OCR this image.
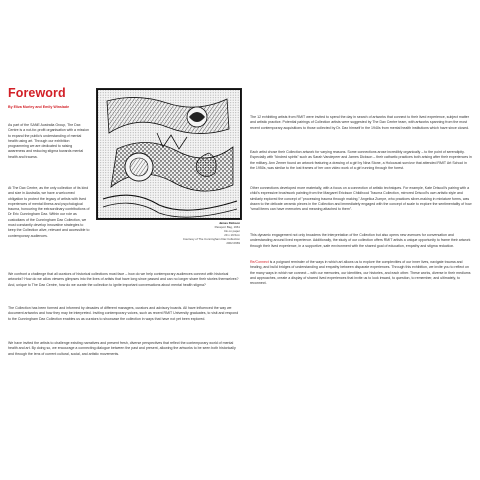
Foreword
By Eliza Murley and Emily Winslade

As part of the SANE Australia Group, The Dax Centre is a not-for-profit organisation with a mission to expand the public's understanding of mental health using art. Through our exhibition programming we are dedicated to raising awareness and reducing stigma towards mental health and trauma.

At The Dax Centre, as the only collection of its kind and size in Australia, we have a welcomed obligation to protect the legacy of artists with lived experiences of mental illness and psychological trauma, honouring the extraordinary contributions of Dr Eric Cunningham Dax. Within our role as custodians of the Cunningham Dax Collection, we must constantly develop innovative strategies to keep the Collection alive, relevant and accessible to contemporary audiences.

James Dickson
Passport Bag, 1961
Ink on paper
29 x 19.5cm
Courtesy of The Cunningham Dax Collection
2002.0969

We confront a challenge that all curators of historical collections must face – how do we help contemporary audiences connect with historical artworks? How do we allow viewers glimpses into the lives of artists that have long since passed and can no longer share their stories themselves? And, unique to The Dax Centre, how do we curate the collection to ignite important conversations about mental health stigma?

The Collection has been formed and informed by decades of different managers, curators and advisory boards. All have influenced the way we document artworks and how they may be interpreted. Inviting contemporary voices, such as recent RMIT University graduates, to visit and respond to the Cunningham Dax Collection enables us as curators to showcase the collection in ways that have not yet been explored.

We have invited the artists to challenge existing narratives and present fresh, diverse perspectives that reflect the contemporary world of mental health and art. By doing so, we encourage a connecting dialogue between the past and present, allowing the artworks to be seen both historically and through the lens of current cultural, social, and artistic movements.

The 12 exhibiting artists from RMIT were invited to spend the day in search of artworks that connect to their lived experience, subject matter and artistic practice. Potential pairings of Collection artists were suggested by The Dax Centre team, with artworks spanning from the most recent contemporary acquisitions to those collected by Dr. Dax himself in the 1940s from mental health institutions which have since closed.

Each artist chose their Collection artwork for varying reasons. Some connections arose incredibly organically – to the point of serendipity. Especially with "kindred spirits" such as Sarah Vandepeer and James Dickson – their cathartic practices both arising after their experiences in the military. Ann Zemer found an artwork featuring a drawing of a girl by Nina Stone, a Holocaust survivor that attended RMIT Art School in the 1950s, was similar to the lost frames of her own video work of a girl running through the forest.

Other connections developed more materially, with a focus on a connection of artistic techniques. For example, Kate Driscoll's pairing with a child's expressive brushwork painting from the Margaret Erickson Childhood Trauma Collection, mirrored Driscoll's own artistic style and similarly explored the concept of "processing trauma through making." Angelica Zumpe, who practices silver-making in miniature forms, was drawn to the delicate ceramic pieces in the Collection and immediately engaged with the concept of scale to explore the sentimentality of how "small items can have memories and meaning attached to them".

This dynamic engagement not only broadens the interpretation of the Collection but also opens new avenues for conversation and understanding around lived experience. Additionally, the study of our collection offers RMIT artists a unique opportunity to frame their artwork through their lived experience, in a supportive, safe environment with the shared goal of education, empathy and stigma reduction.

Re/Connect is a poignant reminder of the ways in which art allows us to explore the complexities of our inner lives, navigate trauma and healing, and build bridges of understanding and empathy between disparate experiences. Through this exhibition, we invite you to reflect on the many ways in which we connect – with our memories, our identities, our histories, and each other. These works, diverse in their mediums and approaches, create a display of shared lived experiences that invite us to look inward, to question, to remember, and ultimately, to reconnect.
